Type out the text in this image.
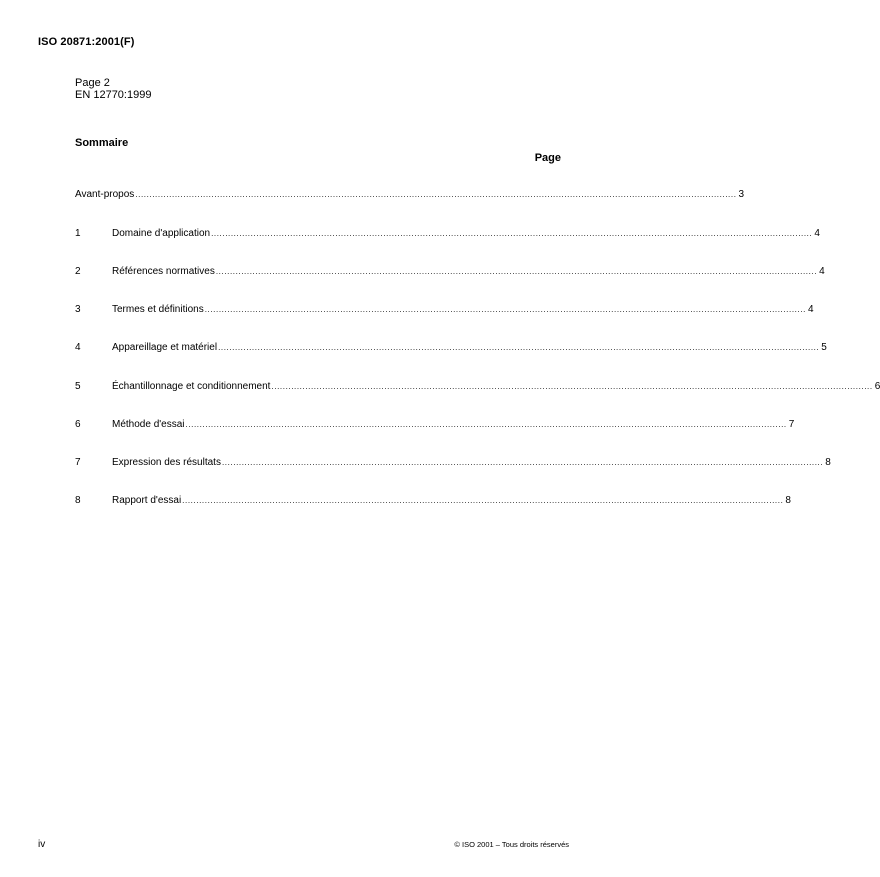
ISO 20871:2001(F)
Page 2
EN 12770:1999
Sommaire
Page
Avant-propos ..................................................................................................................................................................................................................... 3
1	Domaine d'application ..................................................................................................................................................................................................................... 4
2	Références normatives ..................................................................................................................................................................................................................... 4
3	Termes et définitions ..................................................................................................................................................................................................................... 4
4	Appareillage et matériel ..................................................................................................................................................................................................................... 5
5	Échantillonnage et conditionnement ..................................................................................................................................................................................................................... 6
6	Méthode d'essai ..................................................................................................................................................................................................................... 7
7	Expression des résultats ..................................................................................................................................................................................................................... 8
8	Rapport d'essai ..................................................................................................................................................................................................................... 8
iv	© ISO 2001 – Tous droits réservés
